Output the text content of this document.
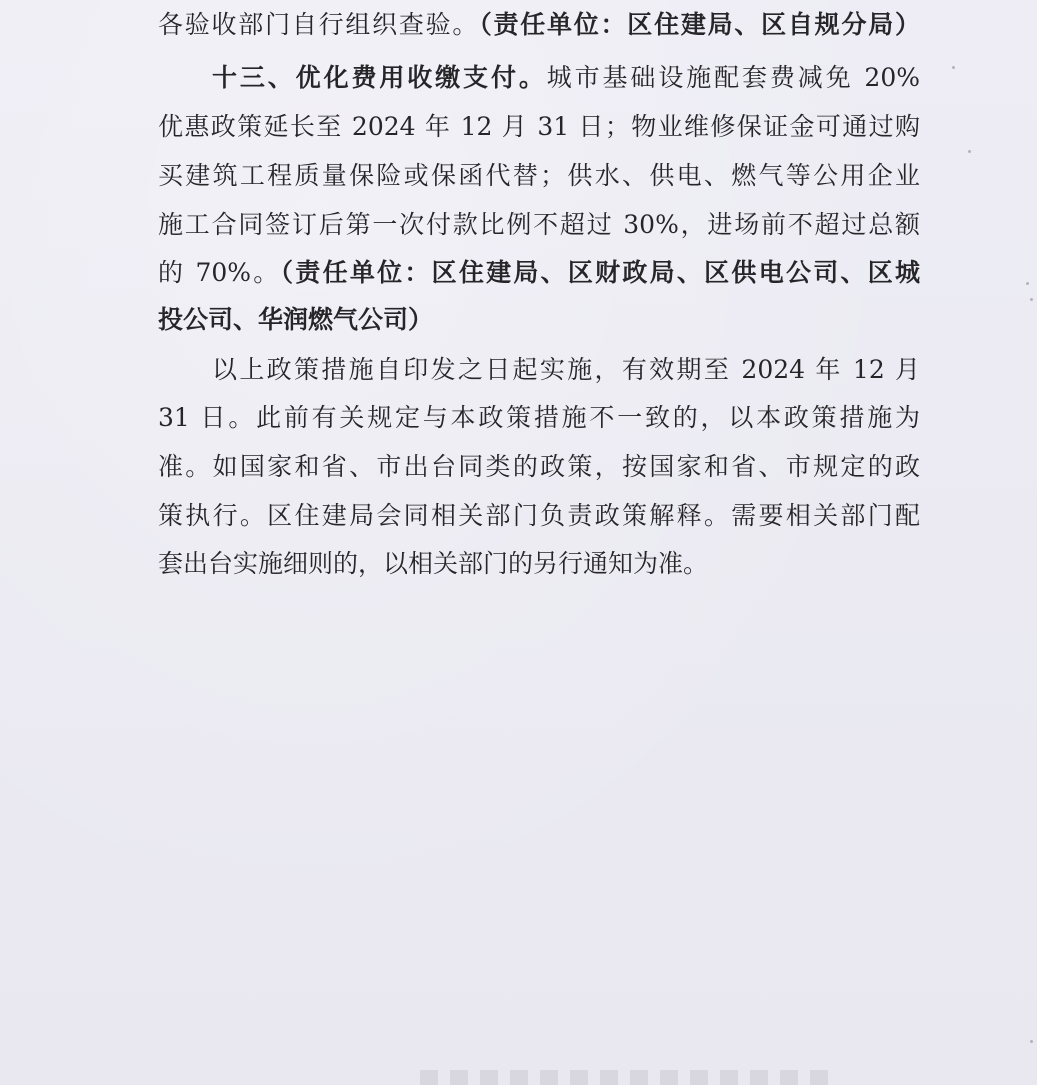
各验收部门自行组织查验。（责任单位：区住建局、区自规分局）

十三、优化费用收缴支付。城市基础设施配套费减免 20%

优惠政策延长至 2024 年 12 月 31 日；物业维修保证金可通过购

买建筑工程质量保险或保函代替；供水、供电、燃气等公用企业

施工合同签订后第一次付款比例不超过 30%，进场前不超过总额

的 70%。（责任单位：区住建局、区财政局、区供电公司、区城

投公司、华润燃气公司）

以上政策措施自印发之日起实施，有效期至 2024 年 12 月

31 日。此前有关规定与本政策措施不一致的，以本政策措施为

准。如国家和省、市出台同类的政策，按国家和省、市规定的政

策执行。区住建局会同相关部门负责政策解释。需要相关部门配

套出台实施细则的，以相关部门的另行通知为准。
